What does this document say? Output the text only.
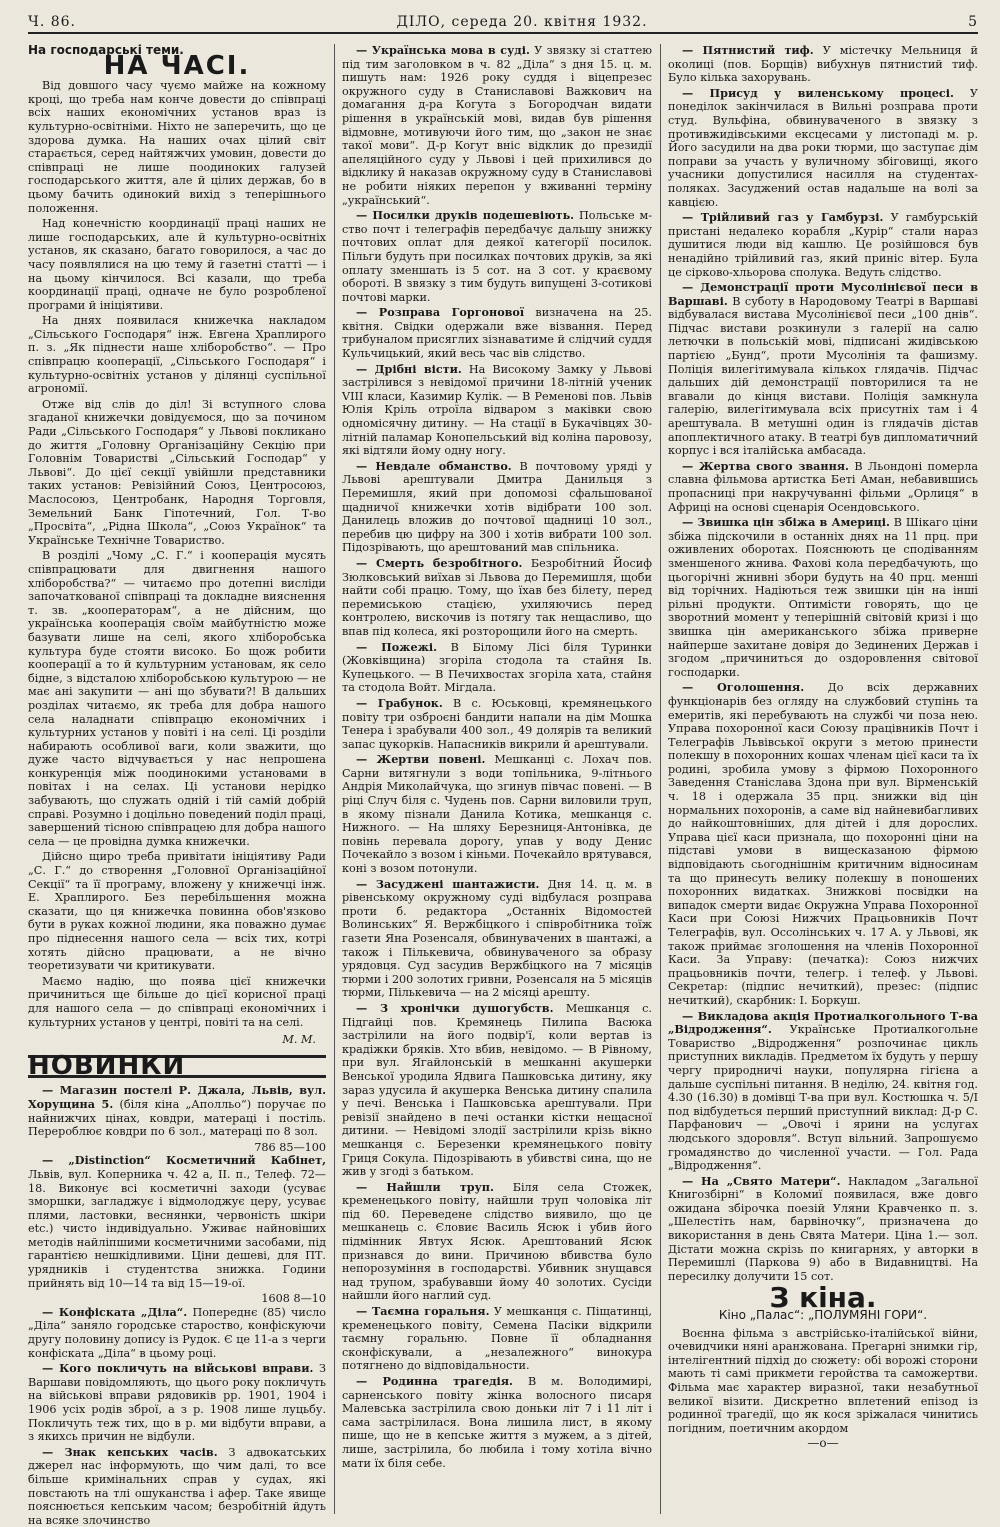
Ч. 86.	ДІЛО, середа 20. квітня 1932.	5
На господарські теми.
НА ЧАСІ.

Від довшого часу чуємо майже на кожному кроці, що треба нам конче довести до співпраці всіх наших економічних установ враз із культурно-освітніми. Ніхто не заперечить, що це здорова думка. На наших очах цілий світ старається, серед найтяжчих умовин, довести до співпраці не лише поодиноких галузей господарського життя, але й цілих держав, бо в цьому бачить одинокий вихід з теперішнього положення.

Над конечністю координації праці наших не лише господарських, але й культурно-освітніх установ, як сказано, багато говорилося, а час до часу появлялися на цю тему й газетні статті — і на цьому кінчилося. Всі казали, що треба координації праці, одначе не було розробленої програми й ініціятиви.

На днях появилася книжечка накладом „Сільського Господаря“ інж. Евгена Храплирого п. з. „Як піднести наше хліборобство“. — Про співпрацю кооперації, „Сільського Господаря“ і культурно-освітніх установ у ділянці суспільної агрономії.

Отже від слів до діл! Зі вступного слова згаданої книжечки довідуємося, що за почином Ради „Сільського Господаря“ у Львові покликано до життя „Головну Організаційну Секцію при Головнім Товаристві „Сільський Господар“ у Львові“. До цієї секції увійшли представники таких установ: Ревізійний Союз, Центросоюз, Маслосоюз, Центробанк, Народня Торговля, Земельний Банк Гіпотечний, Гол. Т-во „Просвіта“, „Рідна Школа“, „Союз Українок“ та Українське Технічне Товариство.

В розділі „Чому „С. Г.“ і кооперація мусять співпрацювати для двигнення нашого хліборобства?“ — читаємо про дотепні висліди започаткованої співпраці та докладне вияснення т. зв. „кооператорам“, а не дійсним, що українська кооперація своїм майбутністю може базувати лише на селі, якого хліборобська культура буде стояти високо. Бо щож робити кооперації а то й культурним установам, як село бідне, з відсталою хліборобською культурою — не має ані закупити — ані що збувати?! В дальших розділах читаємо, як треба для добра нашого села наладнати співпрацю економічних і культурних установ у повіті і на селі. Ці розділи набирають особливої ваги, коли зважити, що дуже часто відчувається у нас непрошена конкуренція між поодинокими установами в повітах і на селах. Ці установи нерідко забувають, що служать одній і тій самій добрій справі. Розумно і доцільно поведений поділ праці, завершений тісною співпрацею для добра нашого села — це провідна думка книжечки.

Дійсно щиро треба привітати ініціятиву Ради „С. Г.“ до створення „Головної Організаційної Секції“ та її програму, вложену у книжечці інж. Е. Храплирого. Без перебільшення можна сказати, що ця книжечка повинна обов'язково бути в руках кожної людини, яка поважно думає про піднесення нашого села — всіх тих, котрі хотять дійсно працювати, а не вічно теоретизувати чи критикувати.

Маємо надію, що поява цієї книжечки причиниться ще більше до цієї корисної праці для нашого села — до співпраці економічних і культурних установ у центрі, повіті та на селі.

М. М.
НОВИНКИ

— Магазин постелі Р. Джала, Львів, вул. Хорущина 5. (біля кіна „Аполльо“) поручає по найнижчих цінах, ковдри, матераці і постіль. Перероблює ковдри по 6 зол., матераці по 8 зол.

786 85—100

— „Distinction“ Косметичний Кабінет, Львів, вул. Коперника ч. 42 а, II. п., Телеф. 72—18. Виконує всі косметичні заходи (усуває зморшки, загладжує і відмолоджує церу, усуває плями, ластовки, веснянки, червоність шкіри etc.) чисто індивідуально. Уживає найновіших методів найліпшими косметичними засобами, під гарантією нешкідливими. Ціни дешеві, для ПТ. урядників і студентства знижка. Години прийнять від 10—14 та від 15—19-ої.

1608 8—10

— Конфіската „Діла“. Попереднє (85) число „Діла“ заняло городське староство, конфіскуючи другу половину допису із Рудок. Є це 11-а з черги конфіската „Діла“ в цьому році.

— Кого покличуть на військові вправи. З Варшави повідомляють, що цього року покличуть на військові вправи рядовиків рр. 1901, 1904 і 1906 усіх родів зброї, а з р. 1908 лише луцьбу. Покличуть теж тих, що в р. ми відбути вправи, а з якихсь причин не відбули.

— Знак кепських часів. З адвокатських джерел нас інформують, що чим далі, то все більше кримінальних справ у судах, які повстають на тлі ошуканства і афер. Таке явище пояснюється кепським часом; безробітній йдуть на всяке злочинство

— Українська мова в суді. У звязку зі статтею під тим заголовком в ч. 82 „Діла“ з дня 15. ц. м. пишуть нам: 1926 року суддя і віцепрезес окружного суду в Станиславові Важкович на домагання д-ра Когута з Богородчан видати рішення в українській мові, видав був рішення відмовне, мотивуючи його тим, що „закон не знає такої мови“. Д-р Когут вніс відклик до президії апеляційного суду у Львові і цей прихилився до відклику й наказав окружному суду в Станиславові не робити ніяких перепон у вживанні терміну „український“.

— Посилки друків подешевіють. Польське м-ство почт і телеграфів передбачує дальшу знижку почтових оплат для деякої категорії посилок. Пільги будуть при посилках почтових друків, за які оплату зменшать із 5 сот. на 3 сот. у краєвому обороті. В звязку з тим будуть випущені 3-сотикові почтові марки.

— Розправа Горгонової визначена на 25. квітня. Свідки одержали вже візвання. Перед трибуналом присяглих зізнаватиме й слідчий суддя Кульчицький, який весь час вів слідство.

— Дрібні вісти. На Високому Замку у Львові застрілився з невідомої причини 18-літній ученик VIII класи, Казимир Кулік. — В Ременові пов. Львів Юлія Кріль отроїла відваром з маківки свою одномісячну дитину. — На стації в Букачівцях 30-літній паламар Конопельський від коліна паровозу, які відтяли йому одну ногу.

— Невдале обманство. В почтовому уряді у Львові арештували Дмитра Данильця з Перемишля, який при допомозі сфальшованої щадничої книжечки хотів відібрати 100 зол. Данилець вложив до почтової щадниці 10 зол., перебив цю цифру на 300 і хотів вибрати 100 зол. Підозрівають, що арештований мав спільника.

— Смерть безробітного. Безробітний Йосиф Зюлковський виїхав зі Львова до Перемишля, щоби найти собі працю. Тому, що їхав без білету, перед перемиською стацією, ухиляючись перед контролею, вискочив із потягу так нещасливо, що впав під колеса, які розторощили його на смерть.

— Пожежі. В Білому Лісі біля Туринки (Жовківщина) згоріла стодола та стайня Ів. Купецького. — В Печихвостах згоріла хата, стайня та стодола Войт. Мігдала.

— Грабунок. В с. Юськовці, кремянецького повіту три озброєні бандити напали на дім Мошка Тенера і зрабували 400 зол., 49 долярів та великий запас цукорків. Напасників викрили й арештували.

— Жертви повені. Мешканці с. Лохач пов. Сарни витягнули з води топільника, 9-літнього Андрія Миколайчука, що згинув півчас повені. — В ріці Случ біля с. Чудень пов. Сарни виловили труп, в якому пізнали Данила Котика, мешканця с. Нижного. — На шляху Березниця-Антонівка, де повінь перевала дорогу, упав у воду Денис Почекайло з возом і кіньми. Почекайло врятувався, коні з возом потонули.

— Засуджені шантажисти. Дня 14. ц. м. в рівенському окружному суді відбулася розправа проти б. редактора „Останніх Відомостей Волинських“ Я. Вержбіцкого і співробітника тоїж газети Яна Розенсаля, обвинувачених в шантажі, а також і Пількевича, обвинуваченого за образу урядовця. Суд засудив Вержбіцкого на 7 місяців тюрми і 200 золотих гривни, Розенсаля на 5 місяців тюрми, Пількевича — на 2 місяці арешту.

— З хронічки душогубств. Мешканця с. Підгайці пов. Кремянець Пилипа Васюка застрілили на його подвір'ї, коли вертав із крадіжки бряків. Хто вбив, невідомо. — В Рівному, при вул. Ягайлонській в мешканні акушерки Венської уродила Ядвига Пашковська дитину, яку зараз удусила й акушерка Венська дитину спалила у печі. Венська і Пашковська арештували. При ревізії знайдено в печі останки кістки нещасної дитини. — Невідомі злодії застрілили крізь вікно мешканця с. Березенки кремянецького повіту Гриця Сокула. Підозрівають в убивстві сина, що не жив у згоді з батьком.

— Найшли труп. Біля села Стожек, кременецького повіту, найшли труп чоловіка літ під 60. Переведене слідство виявило, що це мешканець с. Єловиє Василь Ясюк і убив його підмінник Явтух Ясюк. Арештований Ясюк признався до вини. Причиною вбивства було непорозуміння в господарстві. Убивник знущався над трупом, зрабувавши йому 40 золотих. Сусіди найшли його наглий суд.

— Таємна горальня. У мешканця с. Піщатинці, кременецького повіту, Семена Пасіки відкрили таємну горальню. Повне її обладнання сконфіскували, а „незалежного“ винокура потягнено до відповідальности.

— Родинна трагедія. В м. Володимирі, сарненського повіту жінка волосного писаря Малевська застрілила свою доньки літ 7 і 11 літ і сама застрілилася. Вона лишила лист, в якому пише, що не в кепське життя з мужем, а з дітей, лише, застрілила, бо любила і тому хотіла вічно мати їх біля себе.

— Пятнистий тиф. У містечку Мельниця й околиці (пов. Борщів) вибухнув пятнистий тиф. Було кілька захорувань.

— Присуд у виленському процесі. У понеділок закінчилася в Вильні розправа проти студ. Вульфіна, обвинуваченого в звязку з противжидівськими ексцесами у листопаді м. р. Його засудили на два роки тюрми, що заступає дім поправи за участь у вуличному збіговищі, якого учасники допустилися насилля на студентах-поляках. Засуджений остав надальше на волі за кавцією.

— Трійливий газ у Гамбурзі. У гамбурській пристані недалеко корабля „Курір“ стали нараз душитися люди від кашлю. Це розійшовся був ненадійно трійливий газ, який приніс вітер. Була це сірково-хльорова сполука. Ведуть слідство.

— Демонстрації проти Мусолінієвої песи в Варшаві. В суботу в Народовому Театрі в Варшаві відбувалася вистава Мусолінієвої песи „100 днів“. Підчас вистави розкинули з галерії на салю летючки в польській мові, підписані жидівською партією „Бунд“, проти Мусолінія та фашизму. Поліція вилегітимувала кількох глядачів. Підчас дальших дій демонстрації повторилися та не вгавали до кінця вистави. Поліція замкнула галерію, вилегітимувала всіх присутніх там і 4 арештувала. В метушні один із глядачів дістав апоплектичного атаку. В театрі був дипломатичний корпус і вся італійська амбасада.

— Жертва свого звання. В Льондоні померла славна фільмова артистка Беті Аман, небавившись пропасниці при накручуванні фільми „Орлиця“ в Африці на основі сценарія Осендовського.

— Звишка цін збіжа в Америці. В Шікаго ціни збіжа підскочили в останніх днях на 11 прц. при оживлених оборотах. Пояснюють це сподіванням зменшеного жнива. Фахові кола передбачують, що цьогорічні жнивні збори будуть на 40 прц. менші від торічних. Надіються теж звишки цін на інші рільні продукти. Оптимісти говорять, що це зворотний момент у теперішній світовій кризі і що звишка цін американського збіжа приверне найперше захитане довіря до Зединених Держав і згодом „причиниться до оздоровлення світової господарки.

— Оголошення. До всіх державних функціонарів без огляду на службовий ступінь та емеритів, які перебувають на службі чи поза нею. Управа похоронної каси Союзу працівників Почт і Телеграфів Львівської округи з метою принести полекшу в похоронних кошах членам цієї каси та їх родині, зробила умову з фірмою Похоронного Заведення Станіслава Здона при вул. Вірменській ч. 18 і одержала 35 прц. знижки від цін нормальних похоронів, а саме від найневибагливих до найкоштовніших, для дітей і для дорослих. Управа цієї каси признала, що похоронні ціни на підставі умови в вищесказаною фірмою відповідають сьогоднішнім критичним відносинам та що принесуть велику полекшу в поношених похоронних видатках. Знижкові посвідки на випадок смерти видає Окружна Управа Похоронної Каси при Союзі Нижчих Працьовників Почт Телеграфів, вул. Оссолінських ч. 17 А. у Львові, як також приймає зголошення на членів Похоронної Каси. За Управу: (печатка): Союз нижчих працьовників почти, телегр. і телеф. у Львові. Секретар: (підпис нечиткий), презес: (підпис нечиткий), скарбник: І. Боркуш.

— Викладова акція Протиалкогольного Т-ва „Відродження“. Українське Протиалкогольне Товариство „Відродження“ розпочинає цикль приступних викладів. Предметом їх будуть у першу чергу природничі науки, популярна гігієна а дальше суспільні питання. В неділю, 24. квітня год. 4.30 (16.30) в домівці Т-ва при вул. Костюшка ч. 5/I под відбудеться перший приступний виклад: Д-р С. Парфанович — „Овочі і ярини на услугах людського здоровля“. Вступ вільний. Запрошуємо громадянство до численної участи. — Гол. Рада „Відродження“.

— На „Свято Матери“. Накладом „Загальної Книгозбірні“ в Коломиї появилася, вже довго ожидана збірочка поезій Уляни Кравченко п. з. „Шелестіть нам, барвіночку“, призначена до використання в день Свята Матери. Ціна 1.— зол. Дістати можна скрізь по книгарнях, у авторки в Перемишлі (Паркова 9) або в Видавництві. На пересилку долучити 15 сот.

З кіна.
Кіно „Палас“: „ПОЛУМЯНІ ГОРИ“.

Воєнна фільма з австрійсько-італійської війни, очевидчики няні аранжована. Прегарні знимки гір, інтелігентний підхід до сюжету: обі ворожі сторони мають ті самі прикмети геройства та саможертви. Фільма має характер виразної, таки незабутньої великої візити. Дискретно вплетений епізод із родинної трагедії, що як кося зріжалася чинитись погідним, поетичним акордом

—о—
